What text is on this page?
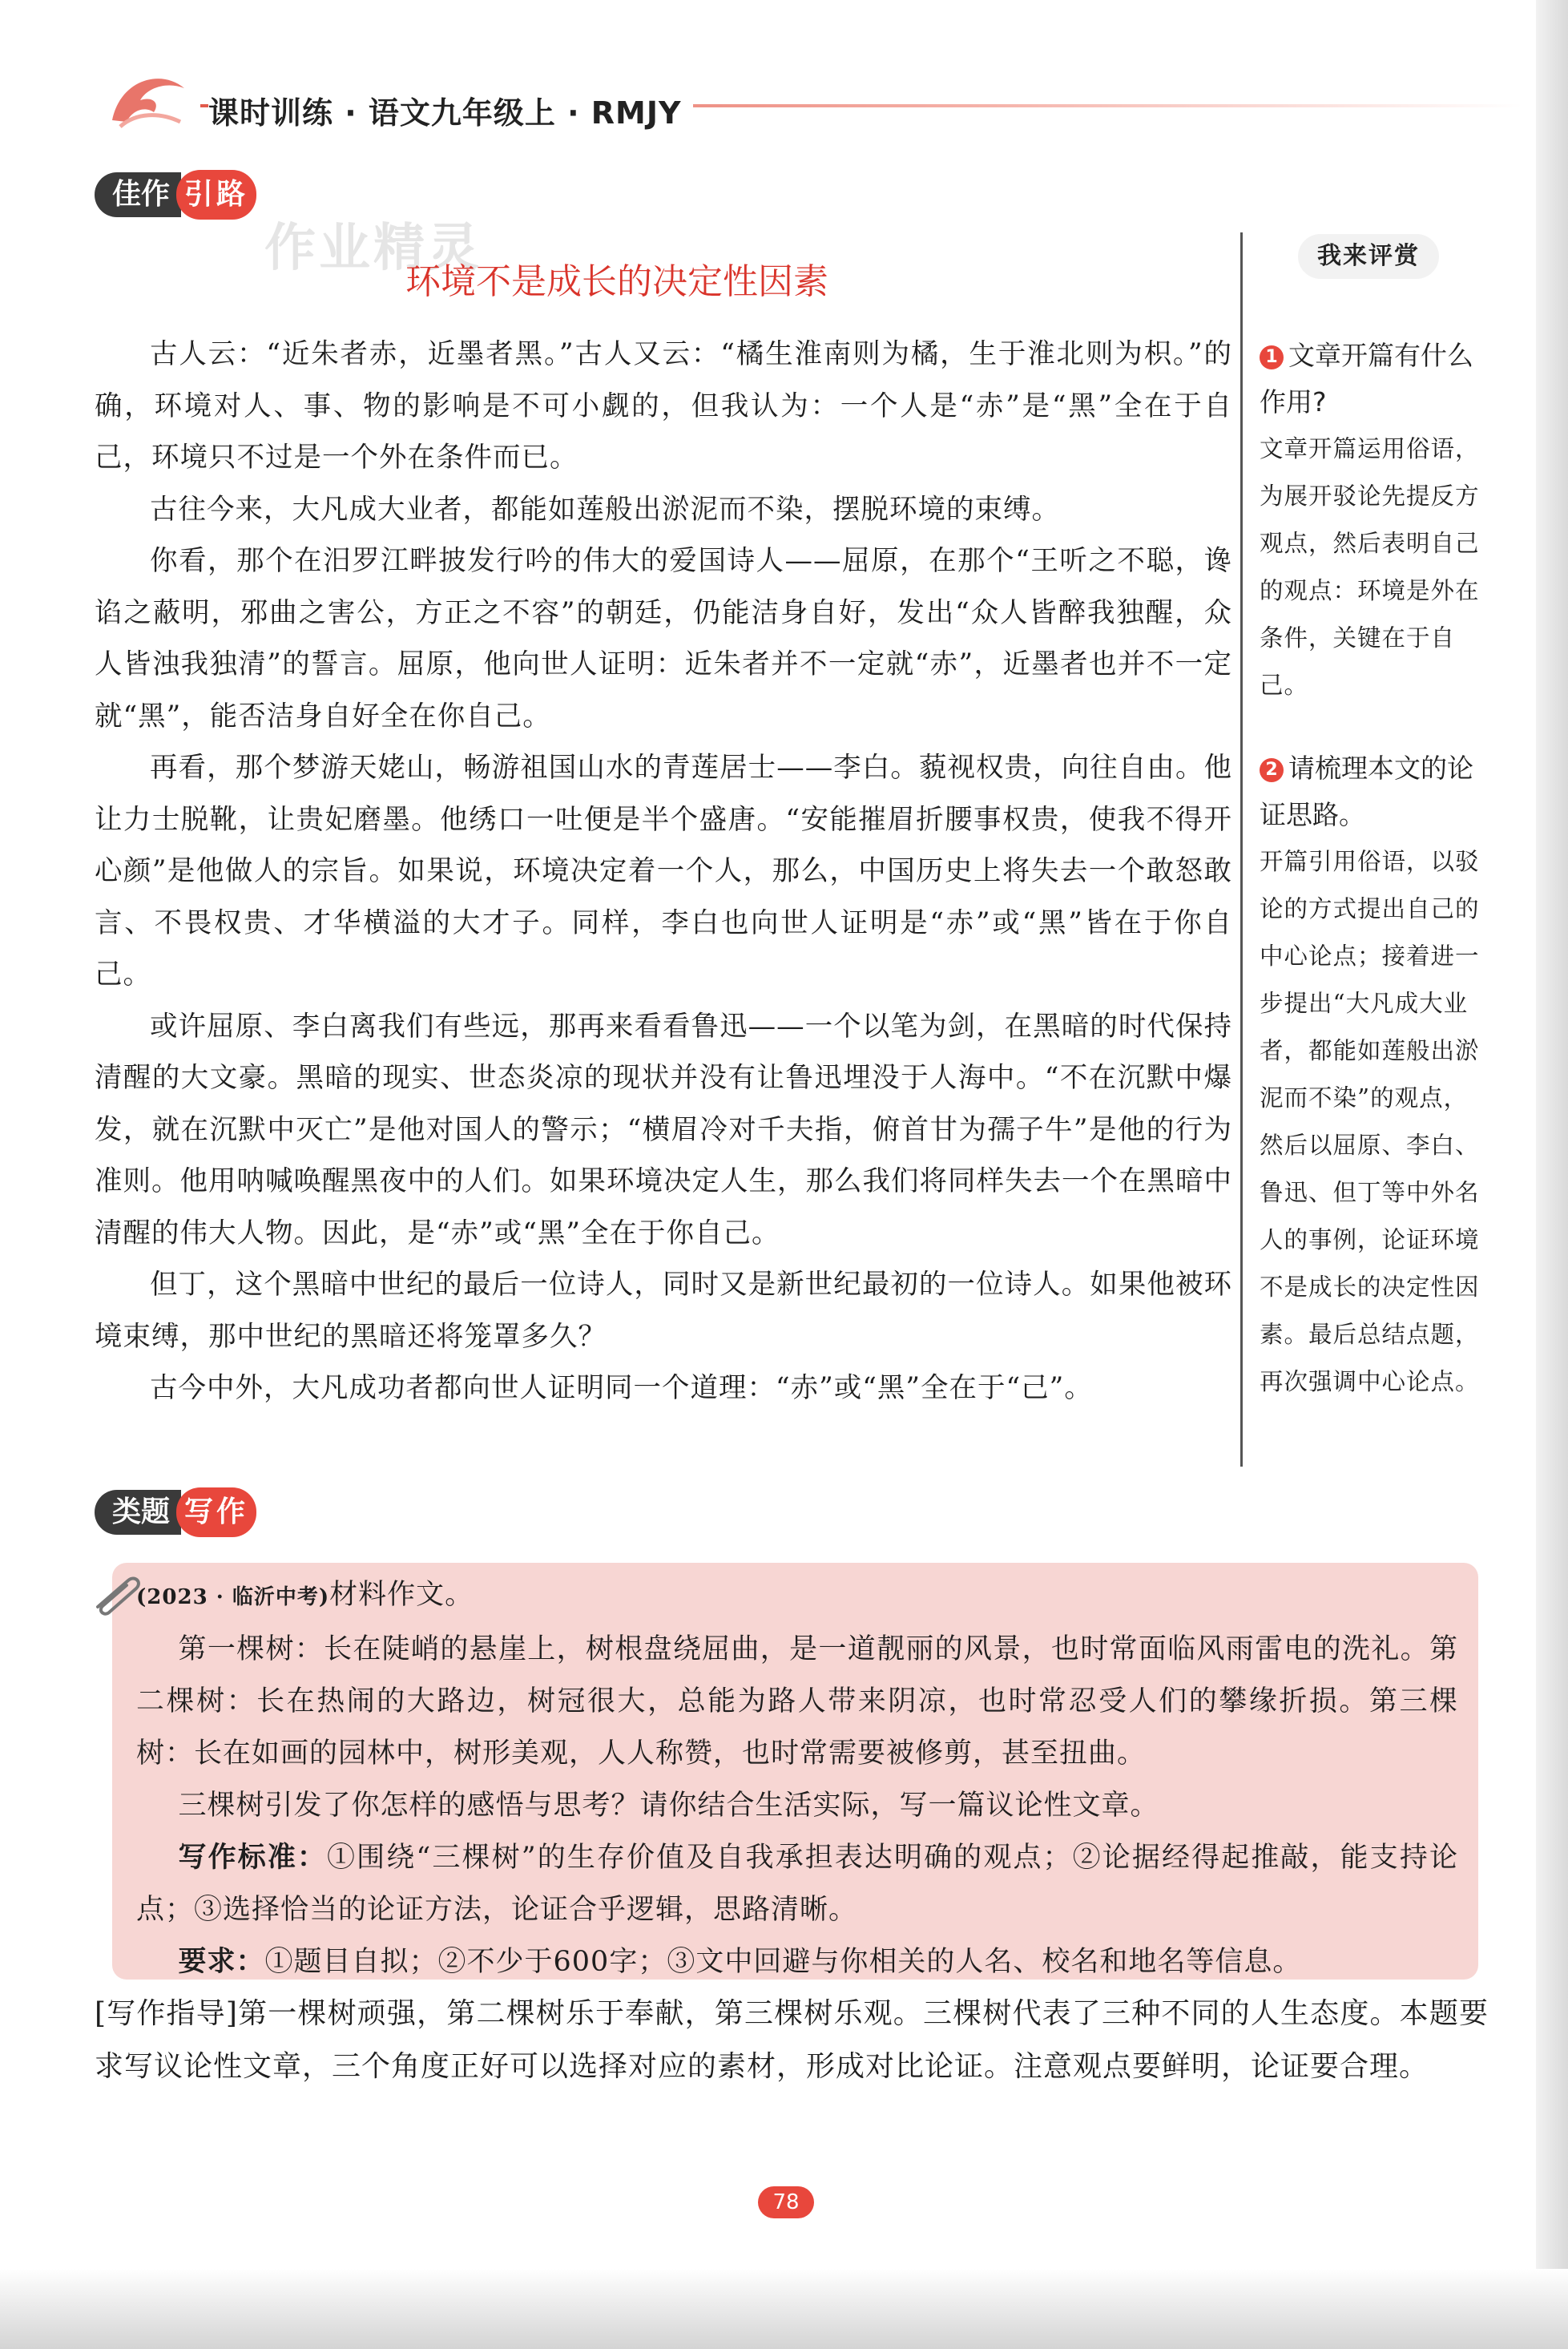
课时训练 · 语文九年级上 · RMJY
佳作 引路
作业精灵
环境不是成长的决定性因素

古人云：“近朱者赤，近墨者黑。”古人又云：“橘生淮南则为橘，生于淮北则为枳。”的确，环境对人、事、物的影响是不可小觑的，但我认为：一个人是“赤”是“黑”全在于自己，环境只不过是一个外在条件而已。

古往今来，大凡成大业者，都能如莲般出淤泥而不染，摆脱环境的束缚。

你看，那个在汨罗江畔披发行吟的伟大的爱国诗人——屈原，在那个“王听之不聪，谗谄之蔽明，邪曲之害公，方正之不容”的朝廷，仍能洁身自好，发出“众人皆醉我独醒，众人皆浊我独清”的誓言。屈原，他向世人证明：近朱者并不一定就“赤”，近墨者也并不一定就“黑”，能否洁身自好全在你自己。

再看，那个梦游天姥山，畅游祖国山水的青莲居士——李白。藐视权贵，向往自由。他让力士脱靴，让贵妃磨墨。他绣口一吐便是半个盛唐。“安能摧眉折腰事权贵，使我不得开心颜”是他做人的宗旨。如果说，环境决定着一个人，那么，中国历史上将失去一个敢怒敢言、不畏权贵、才华横溢的大才子。同样，李白也向世人证明是“赤”或“黑”皆在于你自己。

或许屈原、李白离我们有些远，那再来看看鲁迅——一个以笔为剑，在黑暗的时代保持清醒的大文豪。黑暗的现实、世态炎凉的现状并没有让鲁迅埋没于人海中。“不在沉默中爆发，就在沉默中灭亡”是他对国人的警示；“横眉冷对千夫指，俯首甘为孺子牛”是他的行为准则。他用呐喊唤醒黑夜中的人们。如果环境决定人生，那么我们将同样失去一个在黑暗中清醒的伟大人物。因此，是“赤”或“黑”全在于你自己。

但丁，这个黑暗中世纪的最后一位诗人，同时又是新世纪最初的一位诗人。如果他被环境束缚，那中世纪的黑暗还将笼罩多久？

古今中外，大凡成功者都向世人证明同一个道理：“赤”或“黑”全在于“己”。

我来评赏
1 文章开篇有什么作用?
文章开篇运用俗语，为展开驳论先提反方观点，然后表明自己的观点：环境是外在条件，关键在于自己。
2 请梳理本文的论证思路。
开篇引用俗语，以驳论的方式提出自己的中心论点；接着进一步提出“大凡成大业者，都能如莲般出淤泥而不染”的观点，然后以屈原、李白、鲁迅、但丁等中外名人的事例，论证环境不是成长的决定性因素。最后总结点题，再次强调中心论点。
类题 写作

(2023 · 临沂中考)材料作文。

第一棵树：长在陡峭的悬崖上，树根盘绕屈曲，是一道靓丽的风景，也时常面临风雨雷电的洗礼。第二棵树：长在热闹的大路边，树冠很大，总能为路人带来阴凉，也时常忍受人们的攀缘折损。第三棵树：长在如画的园林中，树形美观，人人称赞，也时常需要被修剪，甚至扭曲。

三棵树引发了你怎样的感悟与思考？请你结合生活实际，写一篇议论性文章。

写作标准：①围绕“三棵树”的生存价值及自我承担表达明确的观点；②论据经得起推敲，能支持论点；③选择恰当的论证方法，论证合乎逻辑，思路清晰。

要求：①题目自拟；②不少于600字；③文中回避与你相关的人名、校名和地名等信息。

[写作指导]第一棵树顽强，第二棵树乐于奉献，第三棵树乐观。三棵树代表了三种不同的人生态度。本题要求写议论性文章，三个角度正好可以选择对应的素材，形成对比论证。注意观点要鲜明，论证要合理。

78
